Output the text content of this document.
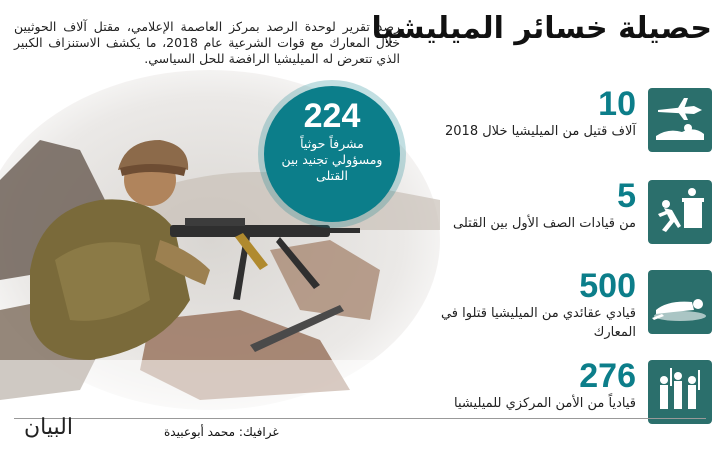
حصيلة خسائر الميليشيا

رصد تقرير لوحدة الرصد بمركز العاصمة الإعلامي، مقتل آلاف الحوثيين خلال المعارك مع قوات الشرعية عام 2018، ما يكشف الاستنزاف الكبير الذي تتعرض له الميليشيا الرافضة للحل السياسي.

224
مشرفاً حوثياً ومسؤولي تجنيد بين القتلى
10
آلاف قتيل من الميليشيا خلال 2018
5
من قيادات الصف الأول بين القتلى
500
قيادي عقائدي من الميليشيا قتلوا في المعارك
276
قيادياً من الأمن المركزي للميليشيا
غرافيك: محمد أبوعبيدة
البيان
